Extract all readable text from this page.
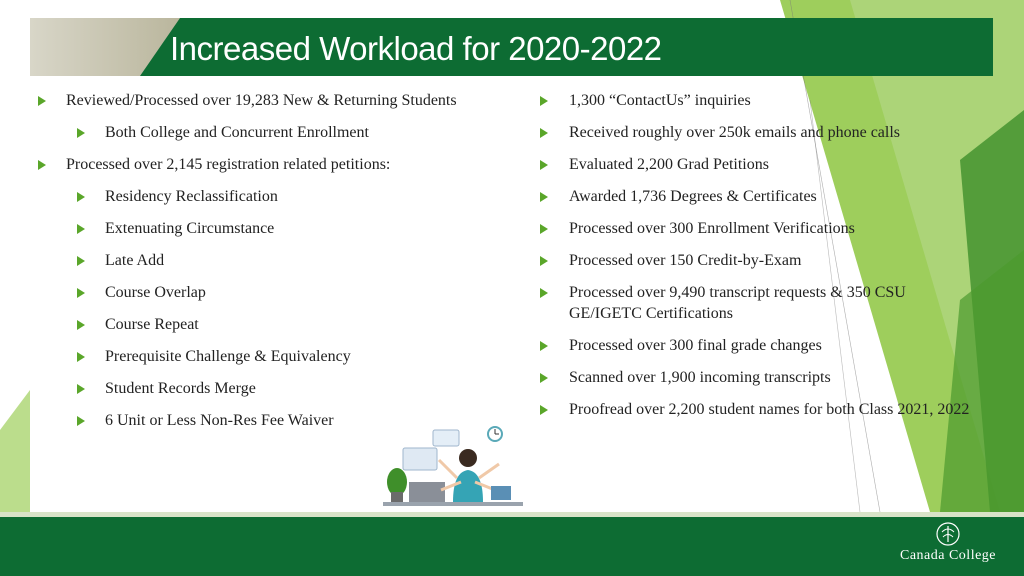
Increased Workload for 2020-2022
Reviewed/Processed over 19,283 New & Returning Students
Both College and Concurrent Enrollment
Processed over 2,145 registration related petitions:
Residency Reclassification
Extenuating Circumstance
Late Add
Course Overlap
Course Repeat
Prerequisite Challenge & Equivalency
Student Records Merge
6 Unit or Less Non-Res Fee Waiver
1,300 “ContactUs” inquiries
Received roughly over 250k emails and phone calls
Evaluated 2,200 Grad Petitions
Awarded 1,736 Degrees & Certificates
Processed over 300 Enrollment Verifications
Processed over 150 Credit-by-Exam
Processed over 9,490 transcript requests & 350 CSU GE/IGETC Certifications
Processed over 300 final grade changes
Scanned over 1,900 incoming transcripts
Proofread over 2,200 student names for both Class 2021, 2022
Canada College
